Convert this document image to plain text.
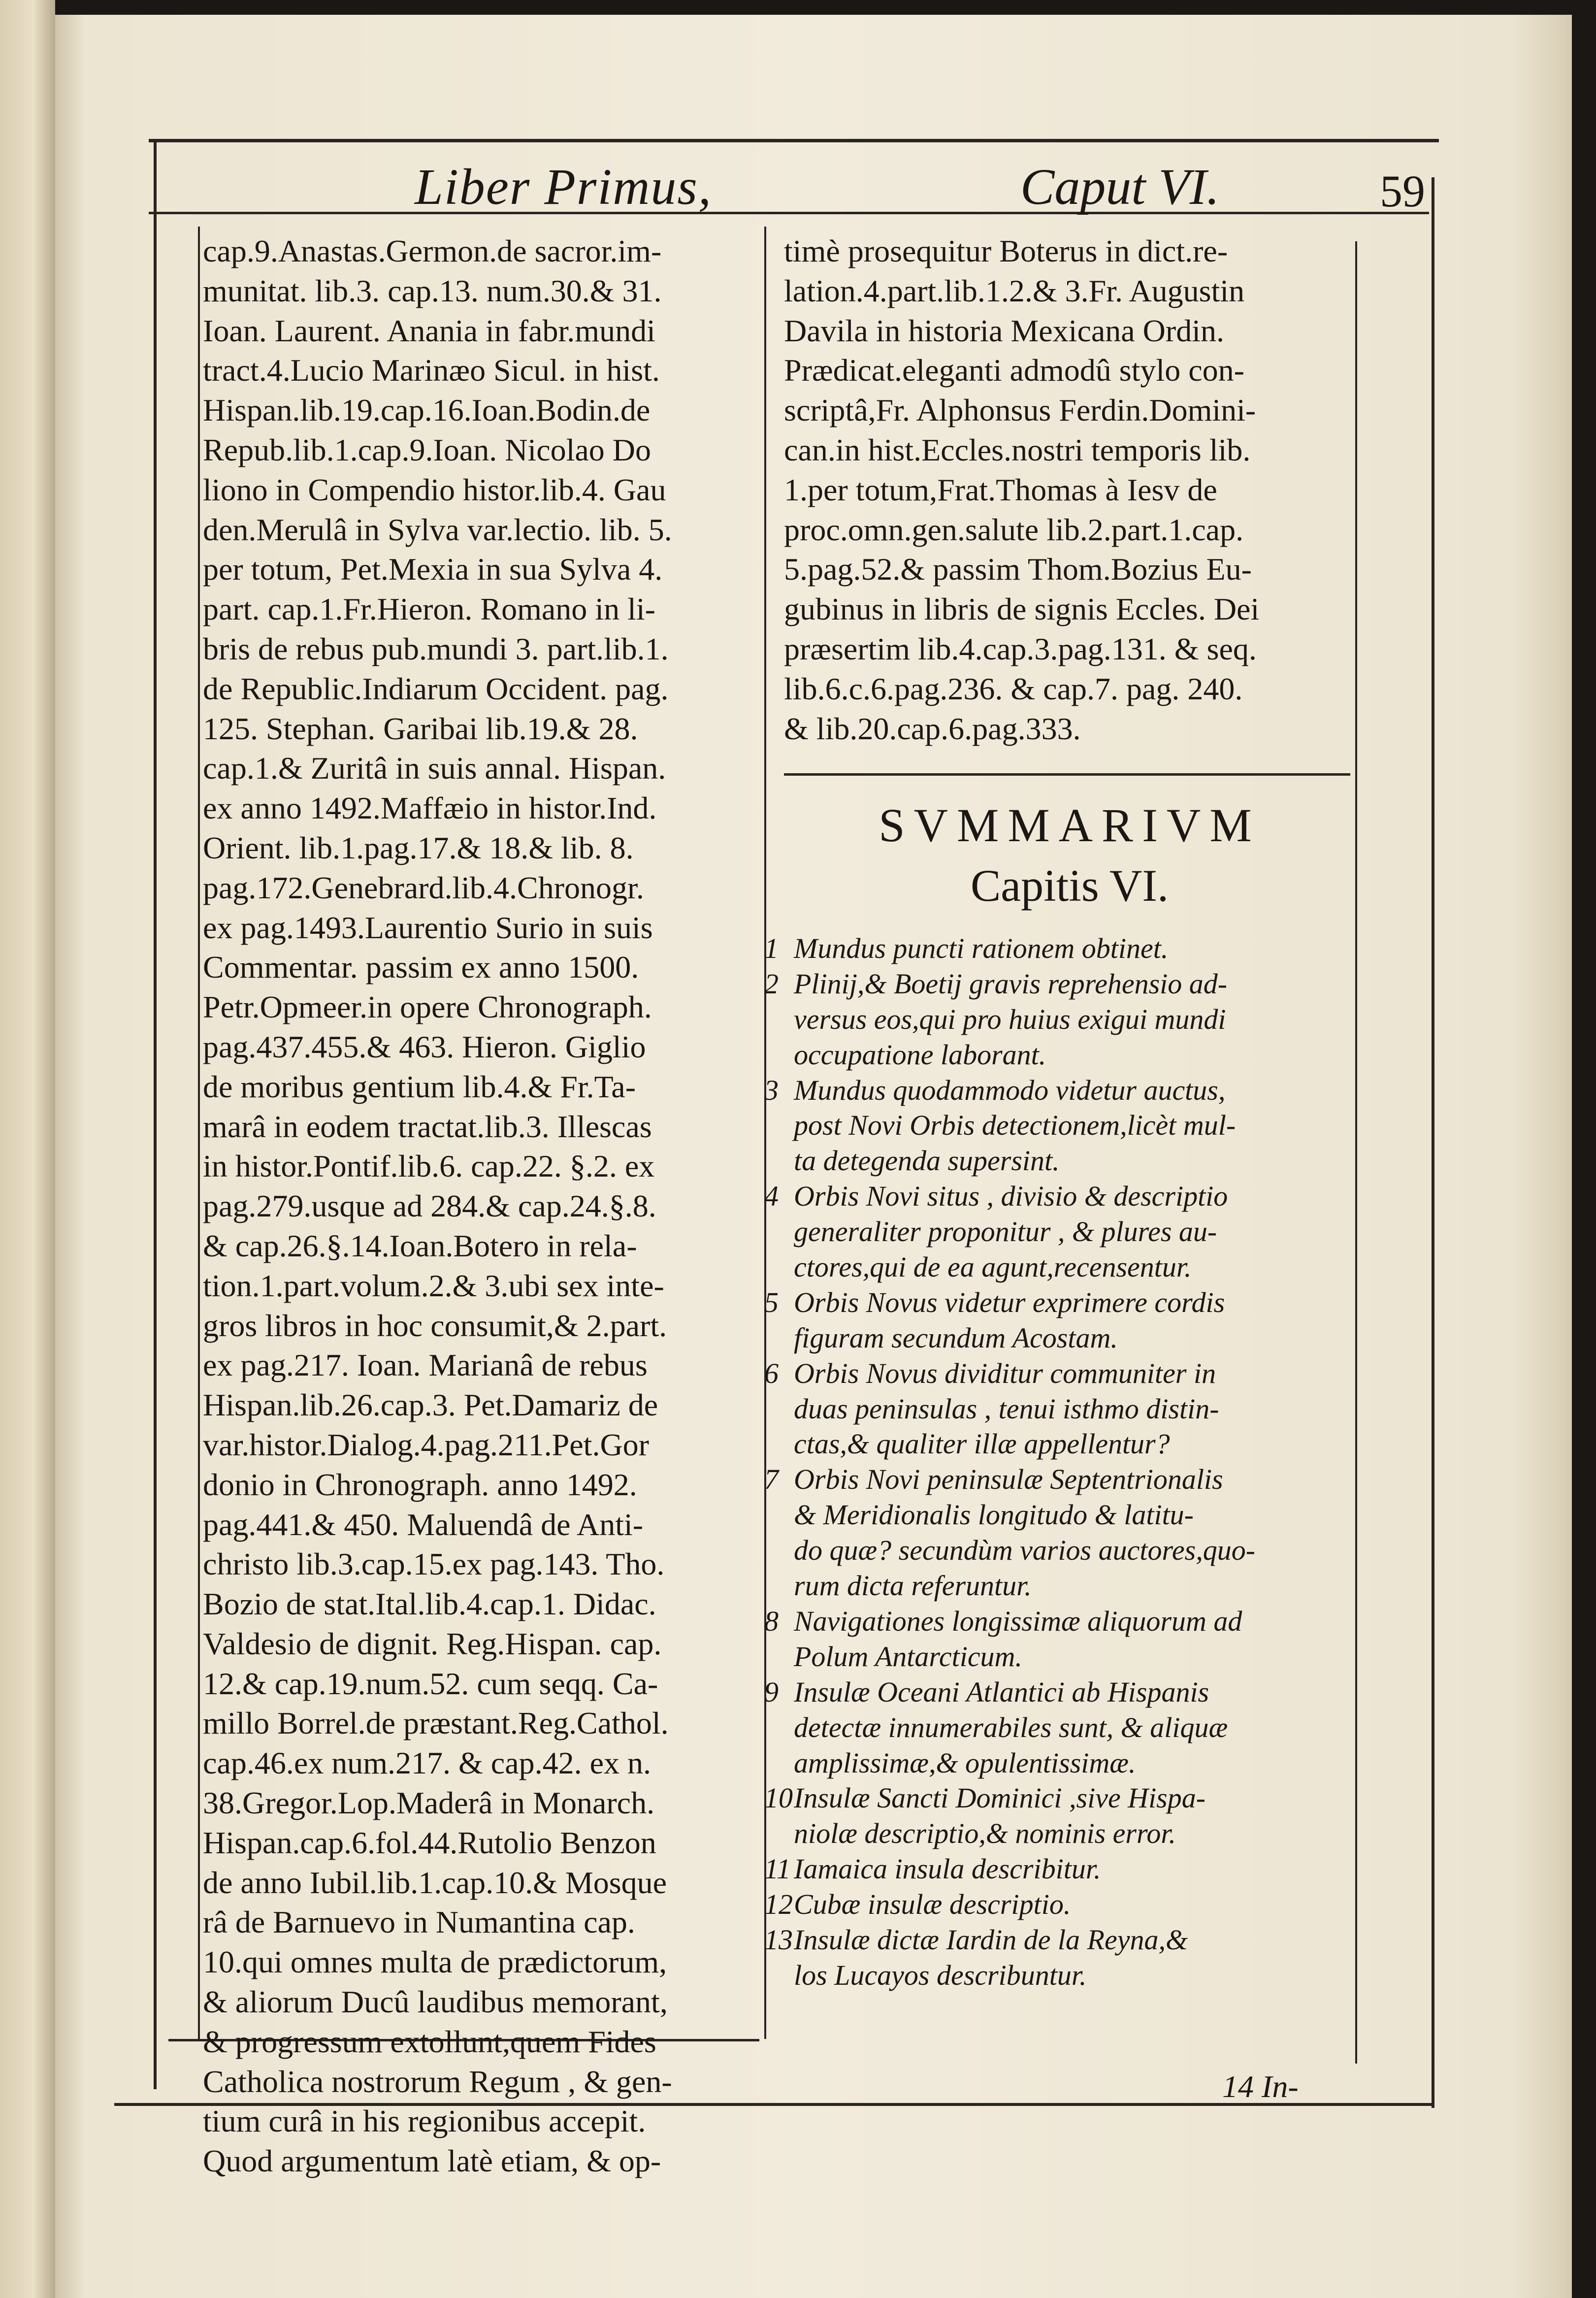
Liber Primus,	Caput VI.	59
cap.9.Anastas.Germon.de sacror.im-
munitat. lib.3. cap.13. num.30.& 31.
Ioan. Laurent. Anania in fabr.mundi
tract.4.Lucio Marinæo Sicul. in hist.
Hispan.lib.19.cap.16.Ioan.Bodin.de
Repub.lib.1.cap.9.Ioan. Nicolao Do
liono in Compendio histor.lib.4. Gau
den.Merulâ in Sylva var.lectio. lib. 5.
per totum, Pet.Mexia in sua Sylva 4.
part. cap.1.Fr.Hieron. Romano in li-
bris de rebus pub.mundi 3. part.lib.1.
de Republic.Indiarum Occident. pag.
125. Stephan. Garibai lib.19.& 28.
cap.1.& Zuritâ in suis annal. Hispan.
ex anno 1492.Maffæio in histor.Ind.
Orient. lib.1.pag.17.& 18.& lib. 8.
pag.172.Genebrard.lib.4.Chronogr.
ex pag.1493.Laurentio Surio in suis
Commentar. passim ex anno 1500.
Petr.Opmeer.in opere Chronograph.
pag.437.455.& 463. Hieron. Giglio
de moribus gentium lib.4.& Fr.Ta-
marâ in eodem tractat.lib.3. Illescas
in histor.Pontif.lib.6. cap.22. §.2. ex
pag.279.usque ad 284.& cap.24.§.8.
& cap.26.§.14.Ioan.Botero in rela-
tion.1.part.volum.2.& 3.ubi sex inte-
gros libros in hoc consumit,& 2.part.
ex pag.217. Ioan. Marianâ de rebus
Hispan.lib.26.cap.3. Pet.Damariz de
var.histor.Dialog.4.pag.211.Pet.Gor
donio in Chronograph. anno 1492.
pag.441.& 450. Maluendâ de Anti-
christo lib.3.cap.15.ex pag.143. Tho.
Bozio de stat.Ital.lib.4.cap.1. Didac.
Valdesio de dignit. Reg.Hispan. cap.
12.& cap.19.num.52. cum seqq. Ca-
millo Borrel.de præstant.Reg.Cathol.
cap.46.ex num.217. & cap.42. ex n.
38.Gregor.Lop.Maderâ in Monarch.
Hispan.cap.6.fol.44.Rutolio Benzon
de anno Iubil.lib.1.cap.10.& Mosque
râ de Barnuevo in Numantina cap.
10.qui omnes multa de prædictorum,
& aliorum Ducû laudibus memorant,
& progressum extollunt,quem Fides
Catholica nostrorum Regum , & gen-
tium curâ in his regionibus accepit.
Quod argumentum latè etiam, & op-
timè prosequitur Boterus in dict.re-
lation.4.part.lib.1.2.& 3.Fr. Augustin
Davila in historia Mexicana Ordin.
Prædicat.eleganti admodû stylo con-
scriptâ,Fr. Alphonsus Ferdin.Domini-
can.in hist.Eccles.nostri temporis lib.
1.per totum,Frat.Thomas à Iesv de
proc.omn.gen.salute lib.2.part.1.cap.
5.pag.52.& passim Thom.Bozius Eu-
gubinus in libris de signis Eccles. Dei
præsertim lib.4.cap.3.pag.131. & seq.
lib.6.c.6.pag.236. & cap.7. pag. 240.
& lib.20.cap.6.pag.333.
SVMMARIVM
Capitis VI.
1 Mundus puncti rationem obtinet.
2 Plinij,& Boetij gravis reprehensio ad-
versus eos,qui pro huius exigui mundi
occupatione laborant.
3 Mundus quodammodo videtur auctus,
post Novi Orbis detectionem,licèt mul-
ta detegenda supersint.
4 Orbis Novi situs , divisio & descriptio
generaliter proponitur , & plures au-
ctores,qui de ea agunt,recensentur.
5 Orbis Novus videtur exprimere cordis
figuram secundum Acostam.
6 Orbis Novus dividitur communiter in
duas peninsulas , tenui isthmo distin-
ctas,& qualiter illæ appellentur?
7 Orbis Novi peninsulæ Septentrionalis
& Meridionalis longitudo & latitu-
do quæ? secundùm varios auctores,quo-
rum dicta referuntur.
8 Navigationes longissimæ aliquorum ad
Polum Antarcticum.
9 Insulæ Oceani Atlantici ab Hispanis
detectæ innumerabiles sunt, & aliquæ
amplissimæ,& opulentissimæ.
10 Insulæ Sancti Dominici ,sive Hispa-
niolæ descriptio,& nominis error.
11 Iamaica insula describitur.
12 Cubæ insulæ descriptio.
13 Insulæ dictæ Iardin de la Reyna,&
los Lucayos describuntur.
14 In-
